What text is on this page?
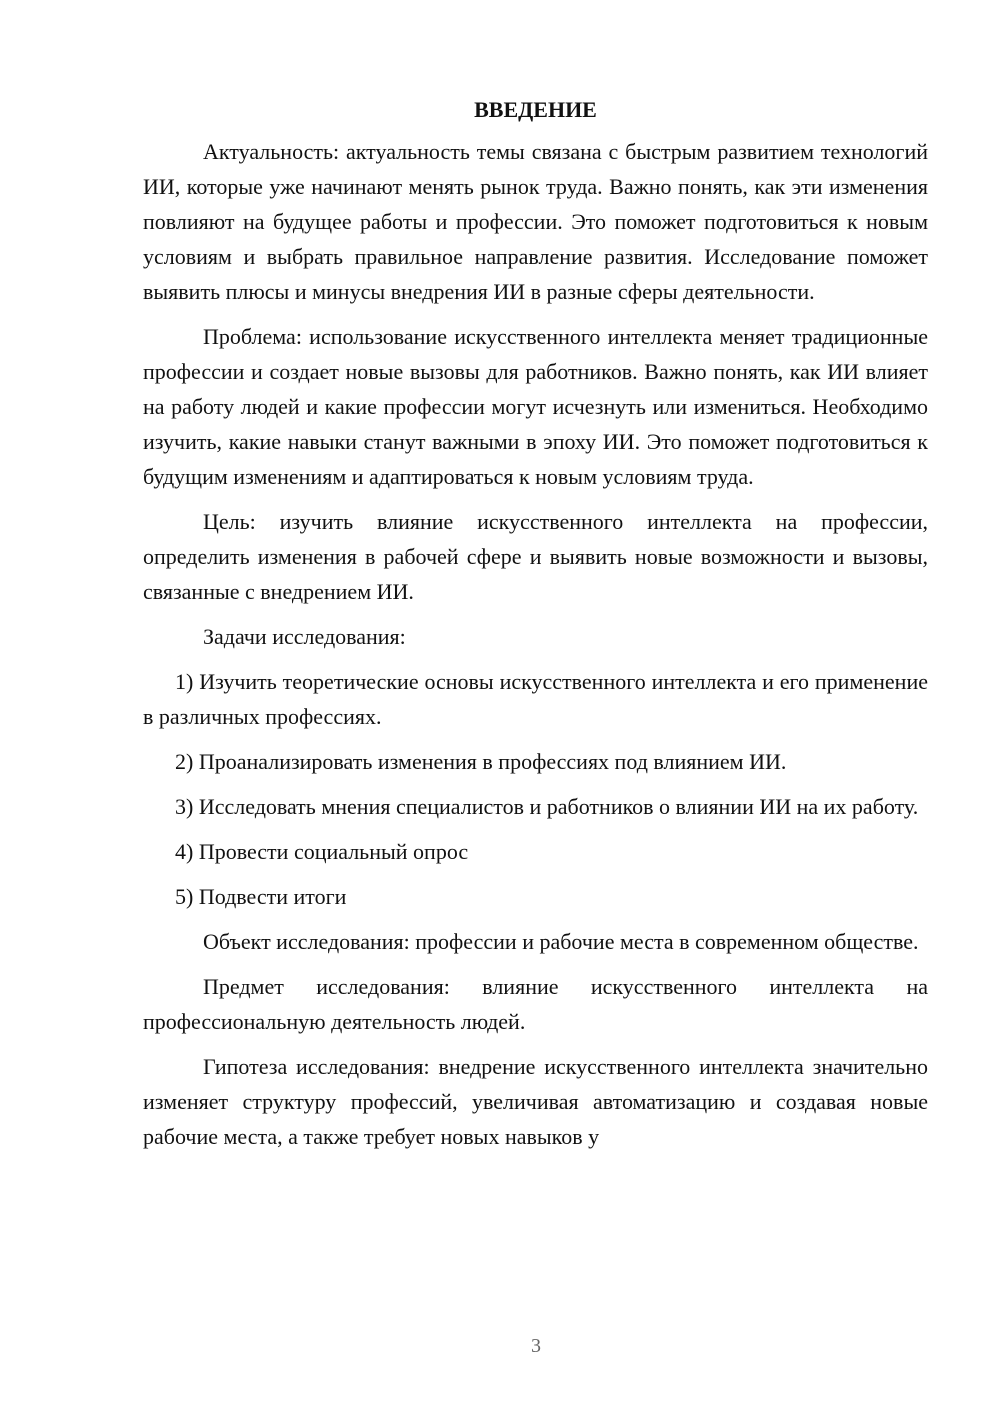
ВВЕДЕНИЕ

Актуальность: актуальность темы связана с быстрым развитием технологий ИИ, которые уже начинают менять рынок труда. Важно понять, как эти изменения повлияют на будущее работы и профессии. Это поможет подготовиться к новым условиям и выбрать правильное направление развития. Исследование поможет выявить плюсы и минусы внедрения ИИ в разные сферы деятельности.

Проблема: использование искусственного интеллекта меняет традиционные профессии и создает новые вызовы для работников. Важно понять, как ИИ влияет на работу людей и какие профессии могут исчезнуть или измениться. Необходимо изучить, какие навыки станут важными в эпоху ИИ. Это поможет подготовиться к будущим изменениям и адаптироваться к новым условиям труда.

Цель: изучить влияние искусственного интеллекта на профессии, определить изменения в рабочей сфере и выявить новые возможности и вызовы, связанные с внедрением ИИ.

Задачи исследования:

1) Изучить теоретические основы искусственного интеллекта и его применение в различных профессиях.

2) Проанализировать изменения в профессиях под влиянием ИИ.

3) Исследовать мнения специалистов и работников о влиянии ИИ на их работу.

4) Провести социальный опрос

5) Подвести итоги

Объект исследования: профессии и рабочие места в современном обществе.

Предмет исследования: влияние искусственного интеллекта на профессиональную деятельность людей.

Гипотеза исследования: внедрение искусственного интеллекта значительно изменяет структуру профессий, увеличивая автоматизацию и создавая новые рабочие места, а также требует новых навыков у

3
